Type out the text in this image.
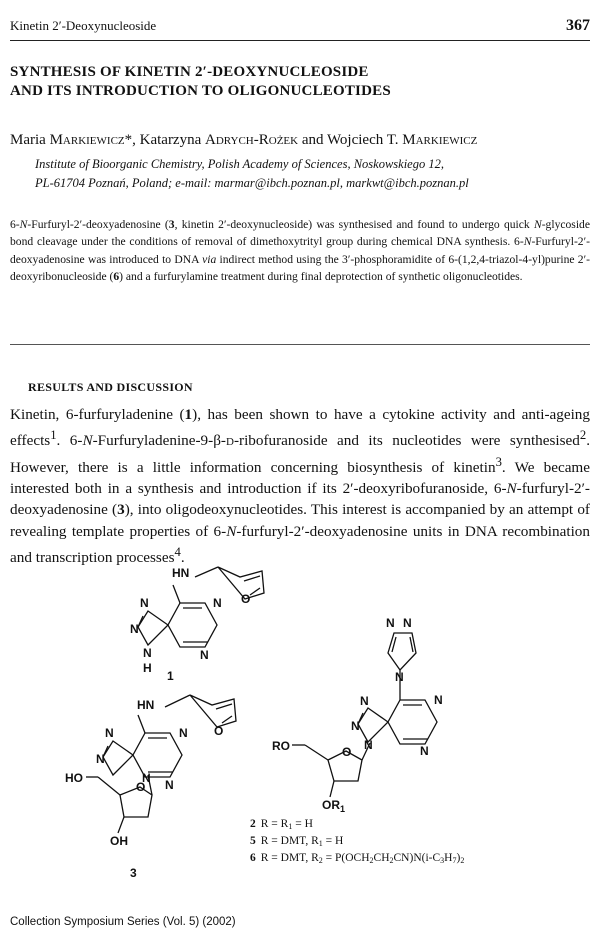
Kinetin 2′-Deoxynucleoside	367
SYNTHESIS OF KINETIN 2′-DEOXYNUCLEOSIDE
AND ITS INTRODUCTION TO OLIGONUCLEOTIDES
Maria Markiewicz*, Katarzyna Adrych-Rożek and Wojciech T. Markiewicz
Institute of Bioorganic Chemistry, Polish Academy of Sciences, Noskowskiego 12,
PL-61704 Poznań, Poland; e-mail: marmar@ibch.poznan.pl, markwt@ibch.poznan.pl

6-N-Furfuryl-2′-deoxyadenosine (3, kinetin 2′-deoxynucleoside) was synthesised and found to undergo quick N-glycoside bond cleavage under the conditions of removal of dimethoxytrityl group during chemical DNA synthesis. 6-N-Furfuryl-2′-deoxyadenosine was introduced to DNA via indirect method using the 3′-phosphoramidite of 6-(1,2,4-triazol-4-yl)purine 2′-deoxyribonucleoside (6) and a furfurylamine treatment during final deprotection of synthetic oligonucleotides.

RESULTS AND DISCUSSION

Kinetin, 6-furfuryladenine (1), has been shown to have a cytokine activity and anti-ageing effects$^1$. 6-N-Furfuryladenine-9-β-d-ribofuranoside and its nucleotides were synthesised$^2$. However, there is a little information concerning biosynthesis of kinetin$^3$. We became interested both in a synthesis and introduction if its 2′-deoxyribofuranoside, 6-N-furfuryl-2′-deoxyadenosine (3), into oligodeoxynucleotides. This interest is accompanied by an attempt of revealing template properties of 6-N-furfuryl-2′-deoxyadenosine units in DNA recombination and transcription processes$^4$.

HN
N	N
N
N
N
H
O
1
HN
N	N
N
N
N
O
O
HO
OH
3
N N
N
N	N
N
N
N
O
RO
$OR_1$
2 R = R1 = H
5 R = DMT, R1 = H
6 R = DMT, R2 = P(OCH2CH2CN)N(i-C3H7)2
Collection Symposium Series (Vol. 5) (2002)
